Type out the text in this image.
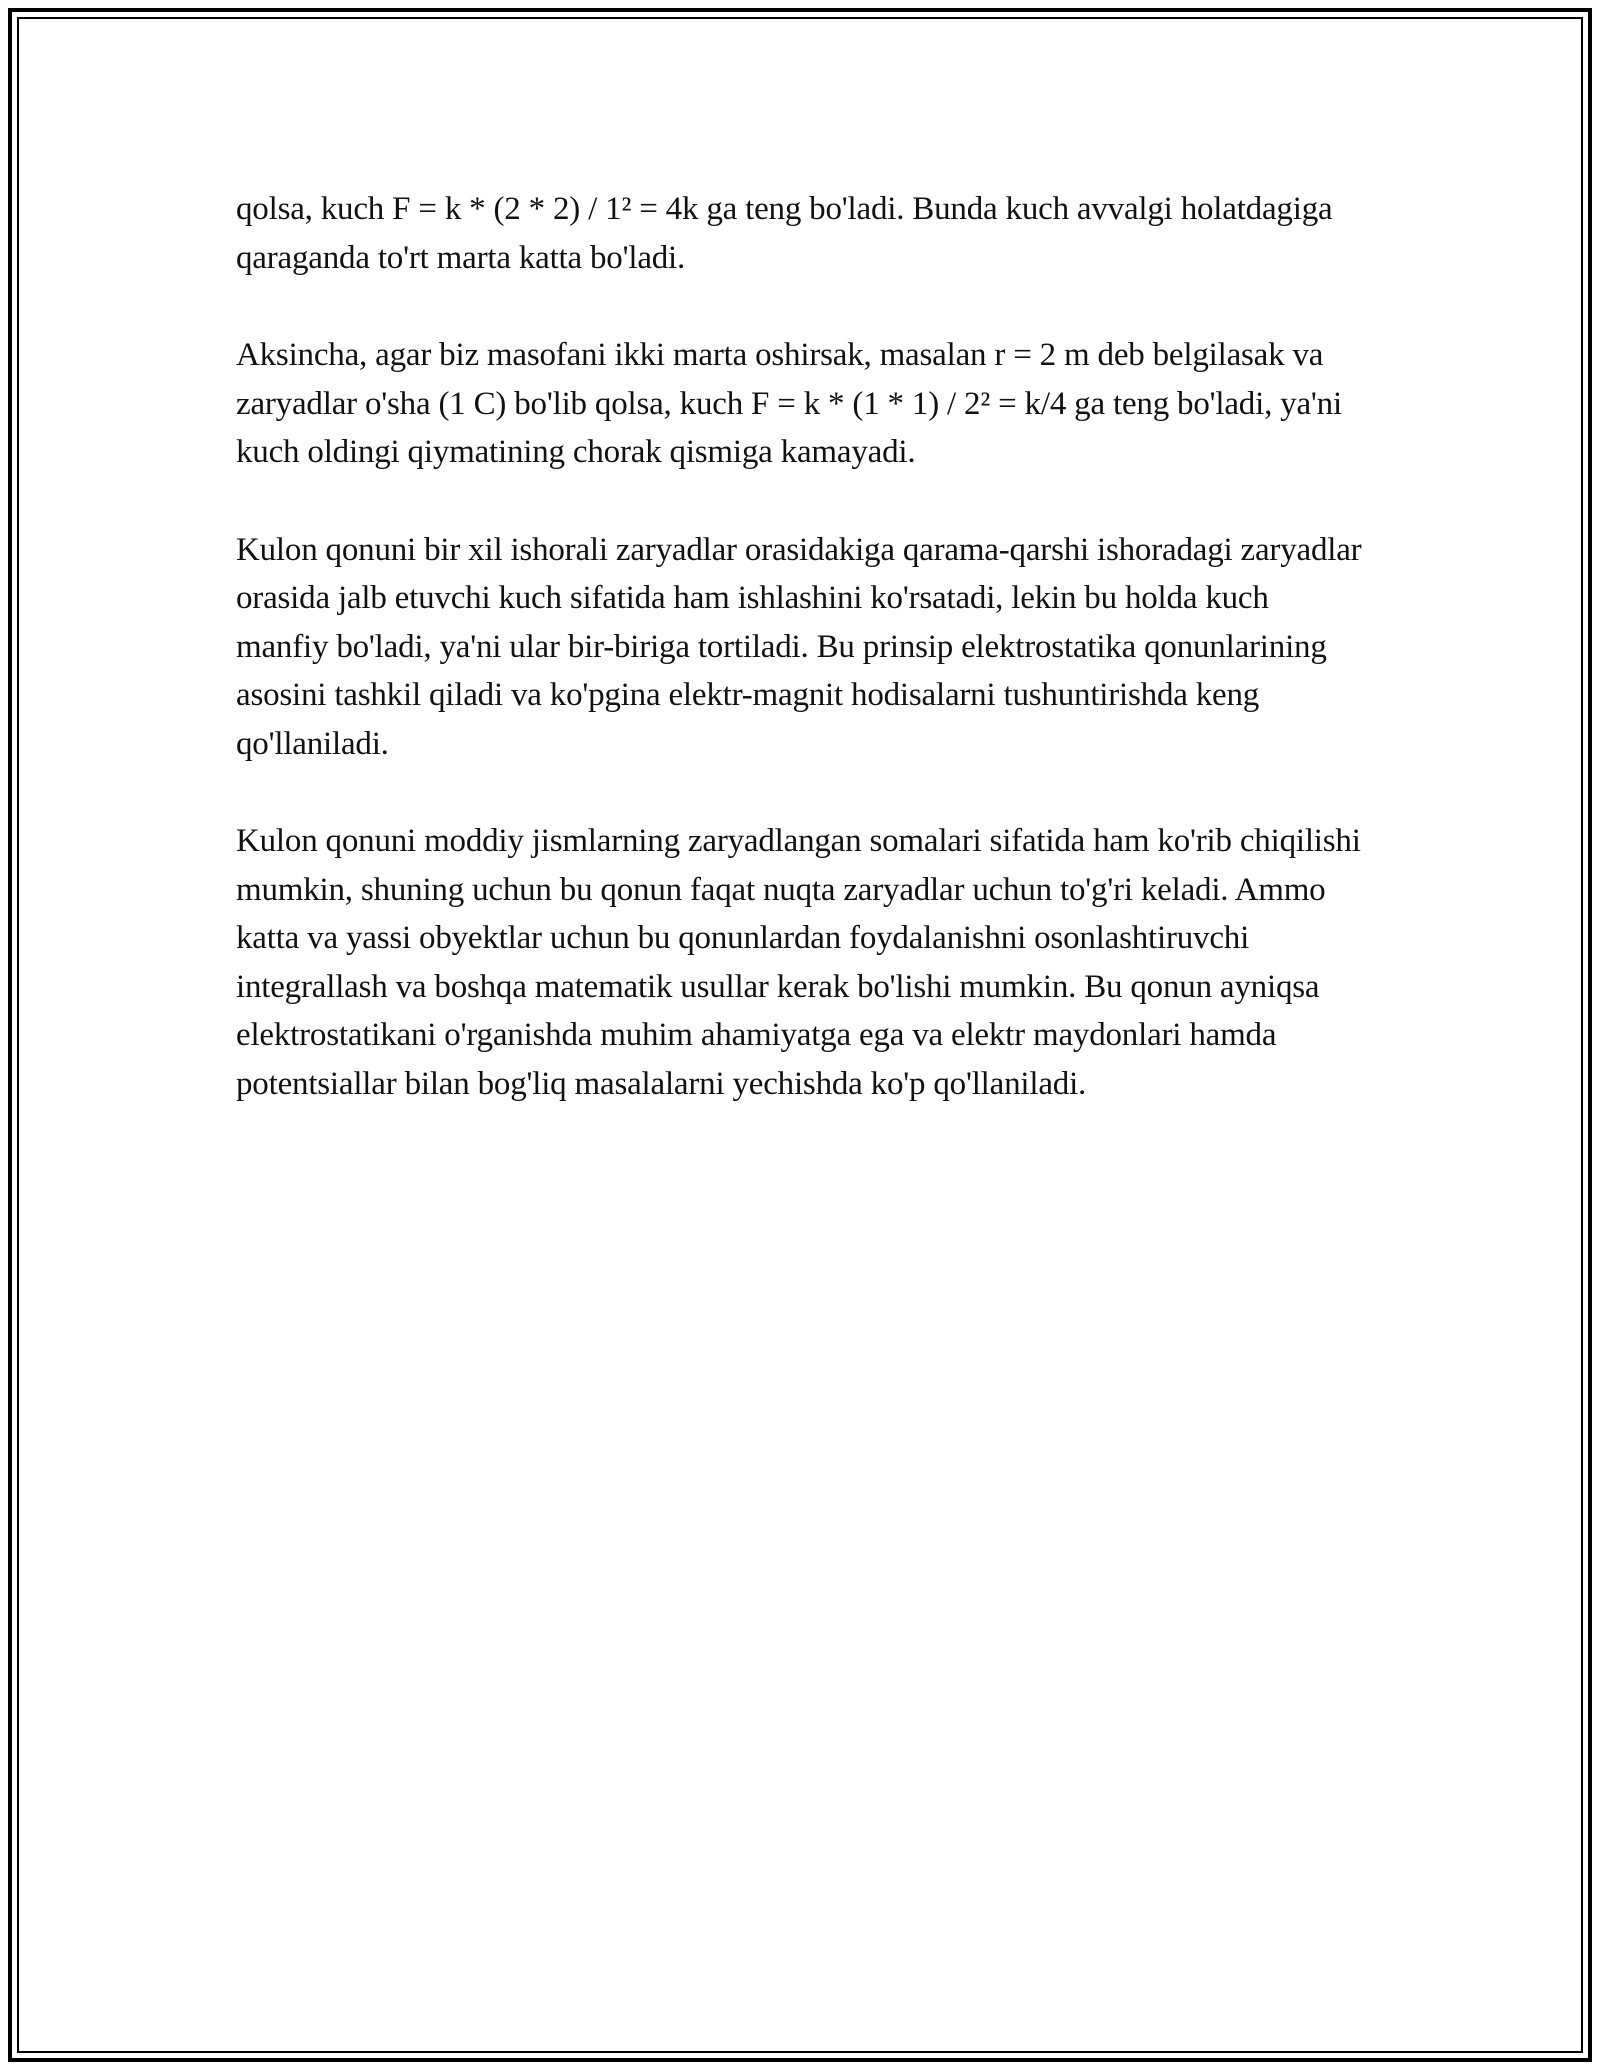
qolsa, kuch F = k * (2 * 2) / 1² = 4k ga teng bo'ladi. Bunda kuch avvalgi holatdagiga qaraganda to'rt marta katta bo'ladi.

Aksincha, agar biz masofani ikki marta oshirsak, masalan r = 2 m deb belgilasak va zaryadlar o'sha (1 C) bo'lib qolsa, kuch F = k * (1 * 1) / 2² = k/4 ga teng bo'ladi, ya'ni kuch oldingi qiymatining chorak qismiga kamayadi.

Kulon qonuni bir xil ishorali zaryadlar orasidakiga qarama-qarshi ishoradagi zaryadlar orasida jalb etuvchi kuch sifatida ham ishlashini ko'rsatadi, lekin bu holda kuch manfiy bo'ladi, ya'ni ular bir-biriga tortiladi. Bu prinsip elektrostatika qonunlarining asosini tashkil qiladi va ko'pgina elektr-magnit hodisalarni tushuntirishda keng qo'llaniladi.

Kulon qonuni moddiy jismlarning zaryadlangan somalari sifatida ham ko'rib chiqilishi mumkin, shuning uchun bu qonun faqat nuqta zaryadlar uchun to'g'ri keladi. Ammo katta va yassi obyektlar uchun bu qonunlardan foydalanishni osonlashtiruvchi integrallash va boshqa matematik usullar kerak bo'lishi mumkin. Bu qonun ayniqsa elektrostatikani o'rganishda muhim ahamiyatga ega va elektr maydonlari hamda potentsiallar bilan bog'liq masalalarni yechishda ko'p qo'llaniladi.
